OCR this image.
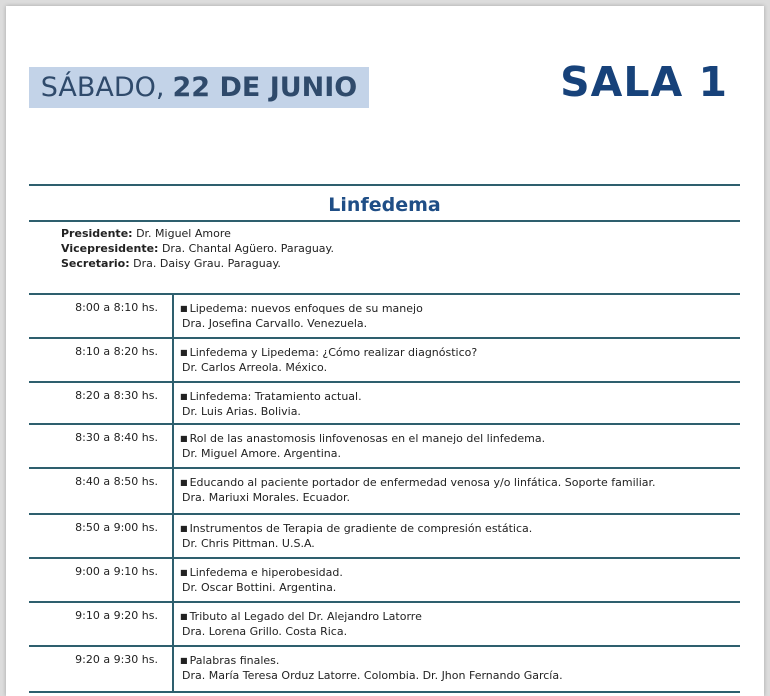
SÁBADO, 22 DE JUNIO	SALA 1
Linfedema
Presidente: Dr. Miguel Amore
Vicepresidente: Dra. Chantal Agüero. Paraguay.
Secretario: Dra. Daisy Grau. Paraguay.
8:00 a 8:10 hs.	■ Lipedema: nuevos enfoques de su manejo
Dra. Josefina Carvallo. Venezuela.
8:10 a 8:20 hs.	■ Linfedema y Lipedema: ¿Cómo realizar diagnóstico?
Dr. Carlos Arreola. México.
8:20 a 8:30 hs.	■ Linfedema: Tratamiento actual.
Dr. Luis Arias. Bolivia.
8:30 a 8:40 hs.	■ Rol de las anastomosis linfovenosas en el manejo del linfedema.
Dr. Miguel Amore. Argentina.
8:40 a 8:50 hs.	■ Educando al paciente portador de enfermedad venosa y/o linfática. Soporte familiar.
Dra. Mariuxi Morales. Ecuador.
8:50 a 9:00 hs.	■ Instrumentos de Terapia de gradiente de compresión estática.
Dr. Chris Pittman. U.S.A.
9:00 a 9:10 hs.	■ Linfedema e hiperobesidad.
Dr. Oscar Bottini. Argentina.
9:10 a 9:20 hs.	■ Tributo al Legado del Dr. Alejandro Latorre
Dra. Lorena Grillo. Costa Rica.
9:20 a 9:30 hs.	■ Palabras finales.
Dra. María Teresa Orduz Latorre. Colombia. Dr. Jhon Fernando García.
